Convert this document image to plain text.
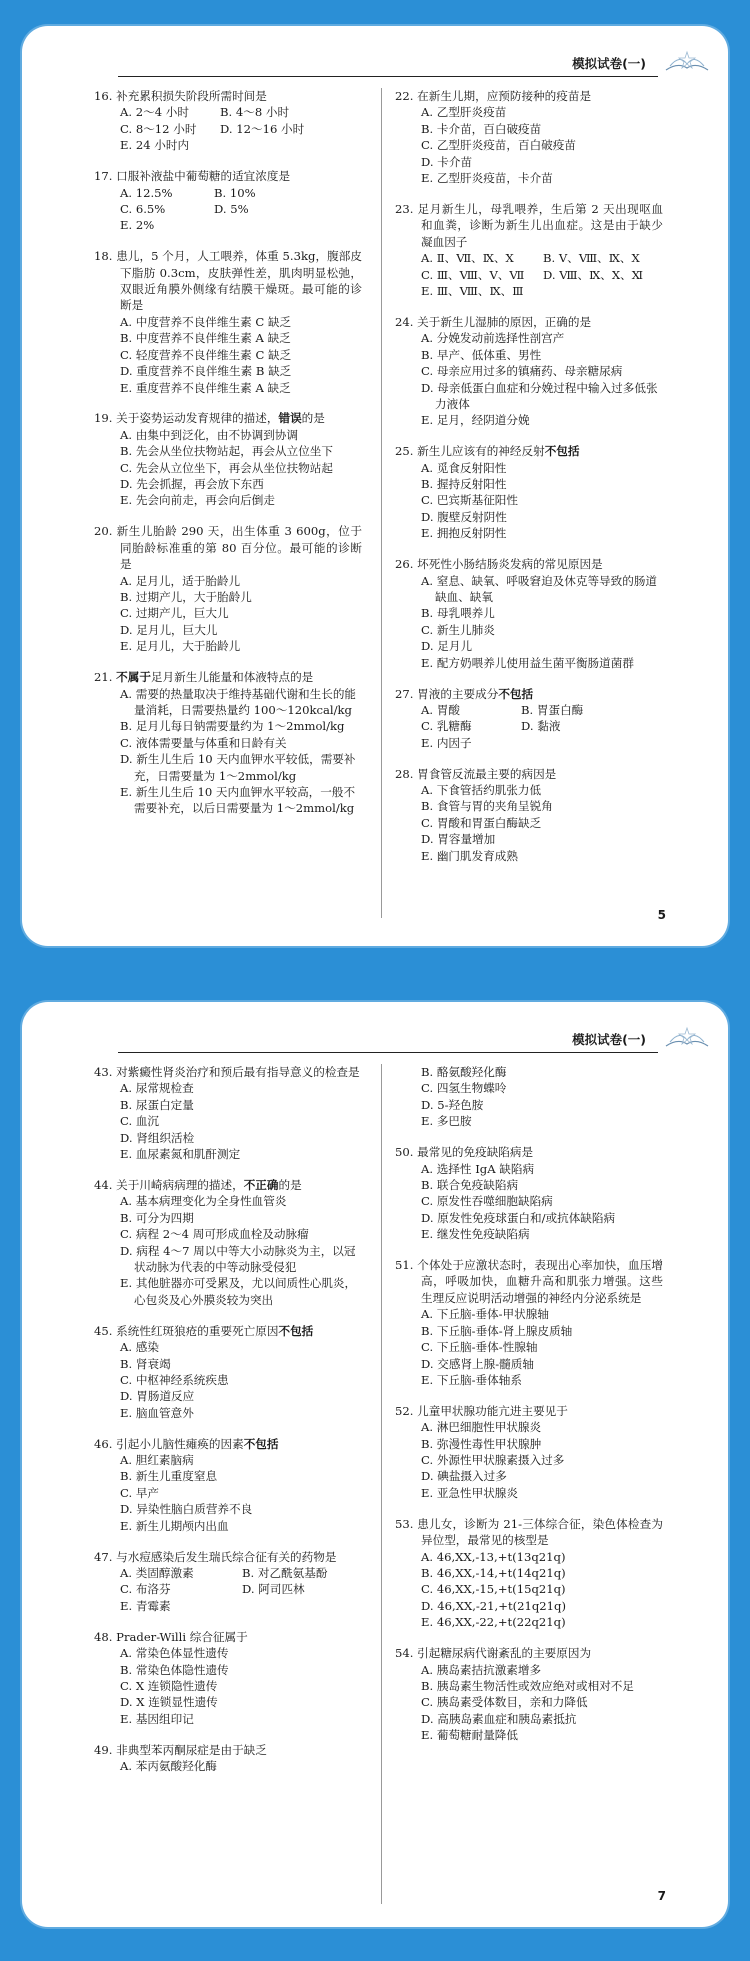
模拟试卷(一)
16. 补充累积损失阶段所需时间是
A. 2～4 小时	B. 4～8 小时
C. 8～12 小时	D. 12～16 小时
E. 24 小时内
17. 口服补液盐中葡萄糖的适宜浓度是
A. 12.5%	B. 10%
C. 6.5%	D. 5%
E. 2%
18. 患儿，5 个月，人工喂养，体重 5.3kg，腹部皮下脂肪 0.3cm，皮肤弹性差，肌肉明显松弛，双眼近角膜外侧缘有结膜干燥斑。最可能的诊断是
A. 中度营养不良伴维生素 C 缺乏
B. 中度营养不良伴维生素 A 缺乏
C. 轻度营养不良伴维生素 C 缺乏
D. 重度营养不良伴维生素 B 缺乏
E. 重度营养不良伴维生素 A 缺乏
19. 关于姿势运动发育规律的描述，错误的是
A. 由集中到泛化，由不协调到协调
B. 先会从坐位扶物站起，再会从立位坐下
C. 先会从立位坐下，再会从坐位扶物站起
D. 先会抓握，再会放下东西
E. 先会向前走，再会向后倒走
20. 新生儿胎龄 290 天，出生体重 3 600g，位于同胎龄标准重的第 80 百分位。最可能的诊断是
A. 足月儿，适于胎龄儿
B. 过期产儿，大于胎龄儿
C. 过期产儿，巨大儿
D. 足月儿，巨大儿
E. 足月儿，大于胎龄儿
21. 不属于足月新生儿能量和体液特点的是
A. 需要的热量取决于维持基础代谢和生长的能量消耗，日需要热量约 100～120kcal/kg
B. 足月儿每日钠需要量约为 1～2mmol/kg
C. 液体需要量与体重和日龄有关
D. 新生儿生后 10 天内血钾水平较低，需要补充，日需要量为 1～2mmol/kg
E. 新生儿生后 10 天内血钾水平较高，一般不需要补充，以后日需要量为 1～2mmol/kg
22. 在新生儿期，应预防接种的疫苗是
A. 乙型肝炎疫苗
B. 卡介苗，百白破疫苗
C. 乙型肝炎疫苗，百白破疫苗
D. 卡介苗
E. 乙型肝炎疫苗，卡介苗
23. 足月新生儿，母乳喂养，生后第 2 天出现呕血和血粪，诊断为新生儿出血症。这是由于缺少凝血因子
A. Ⅱ、Ⅶ、Ⅸ、Ⅹ	B. Ⅴ、Ⅷ、Ⅸ、Ⅹ
C. Ⅲ、Ⅷ、Ⅴ、Ⅶ	D. Ⅷ、Ⅸ、Ⅹ、Ⅺ
E. Ⅲ、Ⅷ、Ⅸ、Ⅲ
24. 关于新生儿湿肺的原因，正确的是
A. 分娩发动前选择性剖宫产
B. 早产、低体重、男性
C. 母亲应用过多的镇痛药、母亲糖尿病
D. 母亲低蛋白血症和分娩过程中输入过多低张力液体
E. 足月，经阴道分娩
25. 新生儿应该有的神经反射不包括
A. 觅食反射阳性
B. 握持反射阳性
C. 巴宾斯基征阳性
D. 腹壁反射阴性
E. 拥抱反射阴性
26. 坏死性小肠结肠炎发病的常见原因是
A. 窒息、缺氧、呼吸窘迫及休克等导致的肠道缺血、缺氧
B. 母乳喂养儿
C. 新生儿肺炎
D. 足月儿
E. 配方奶喂养儿使用益生菌平衡肠道菌群
27. 胃液的主要成分不包括
A. 胃酸	B. 胃蛋白酶
C. 乳糖酶	D. 黏液
E. 内因子
28. 胃食管反流最主要的病因是
A. 下食管括约肌张力低
B. 食管与胃的夹角呈锐角
C. 胃酸和胃蛋白酶缺乏
D. 胃容量增加
E. 幽门肌发育成熟
5
模拟试卷(一)
43. 对紫癜性肾炎治疗和预后最有指导意义的检查是
A. 尿常规检查
B. 尿蛋白定量
C. 血沉
D. 肾组织活检
E. 血尿素氮和肌酐测定
44. 关于川崎病病理的描述，不正确的是
A. 基本病理变化为全身性血管炎
B. 可分为四期
C. 病程 2～4 周可形成血栓及动脉瘤
D. 病程 4～7 周以中等大小动脉炎为主，以冠状动脉为代表的中等动脉受侵犯
E. 其他脏器亦可受累及，尤以间质性心肌炎，心包炎及心外膜炎较为突出
45. 系统性红斑狼疮的重要死亡原因不包括
A. 感染
B. 肾衰竭
C. 中枢神经系统疾患
D. 胃肠道反应
E. 脑血管意外
46. 引起小儿脑性瘫痪的因素不包括
A. 胆红素脑病
B. 新生儿重度窒息
C. 早产
D. 异染性脑白质营养不良
E. 新生儿期颅内出血
47. 与水痘感染后发生瑞氏综合征有关的药物是
A. 类固醇激素	B. 对乙酰氨基酚
C. 布洛芬	D. 阿司匹林
E. 青霉素
48. Prader-Willi 综合征属于
A. 常染色体显性遗传
B. 常染色体隐性遗传
C. X 连锁隐性遗传
D. X 连锁显性遗传
E. 基因组印记
49. 非典型苯丙酮尿症是由于缺乏
A. 苯丙氨酸羟化酶
B. 酪氨酸羟化酶
C. 四氢生物蝶呤
D. 5-羟色胺
E. 多巴胺
50. 最常见的免疫缺陷病是
A. 选择性 IgA 缺陷病
B. 联合免疫缺陷病
C. 原发性吞噬细胞缺陷病
D. 原发性免疫球蛋白和/或抗体缺陷病
E. 继发性免疫缺陷病
51. 个体处于应激状态时，表现出心率加快，血压增高，呼吸加快，血糖升高和肌张力增强。这些生理反应说明活动增强的神经内分泌系统是
A. 下丘脑-垂体-甲状腺轴
B. 下丘脑-垂体-肾上腺皮质轴
C. 下丘脑-垂体-性腺轴
D. 交感肾上腺-髓质轴
E. 下丘脑-垂体轴系
52. 儿童甲状腺功能亢进主要见于
A. 淋巴细胞性甲状腺炎
B. 弥漫性毒性甲状腺肿
C. 外源性甲状腺素摄入过多
D. 碘盐摄入过多
E. 亚急性甲状腺炎
53. 患儿女，诊断为 21-三体综合征，染色体检查为异位型，最常见的核型是
A. 46,XX,-13,+t(13q21q)
B. 46,XX,-14,+t(14q21q)
C. 46,XX,-15,+t(15q21q)
D. 46,XX,-21,+t(21q21q)
E. 46,XX,-22,+t(22q21q)
54. 引起糖尿病代谢紊乱的主要原因为
A. 胰岛素拮抗激素增多
B. 胰岛素生物活性或效应绝对或相对不足
C. 胰岛素受体数目，亲和力降低
D. 高胰岛素血症和胰岛素抵抗
E. 葡萄糖耐量降低
7
